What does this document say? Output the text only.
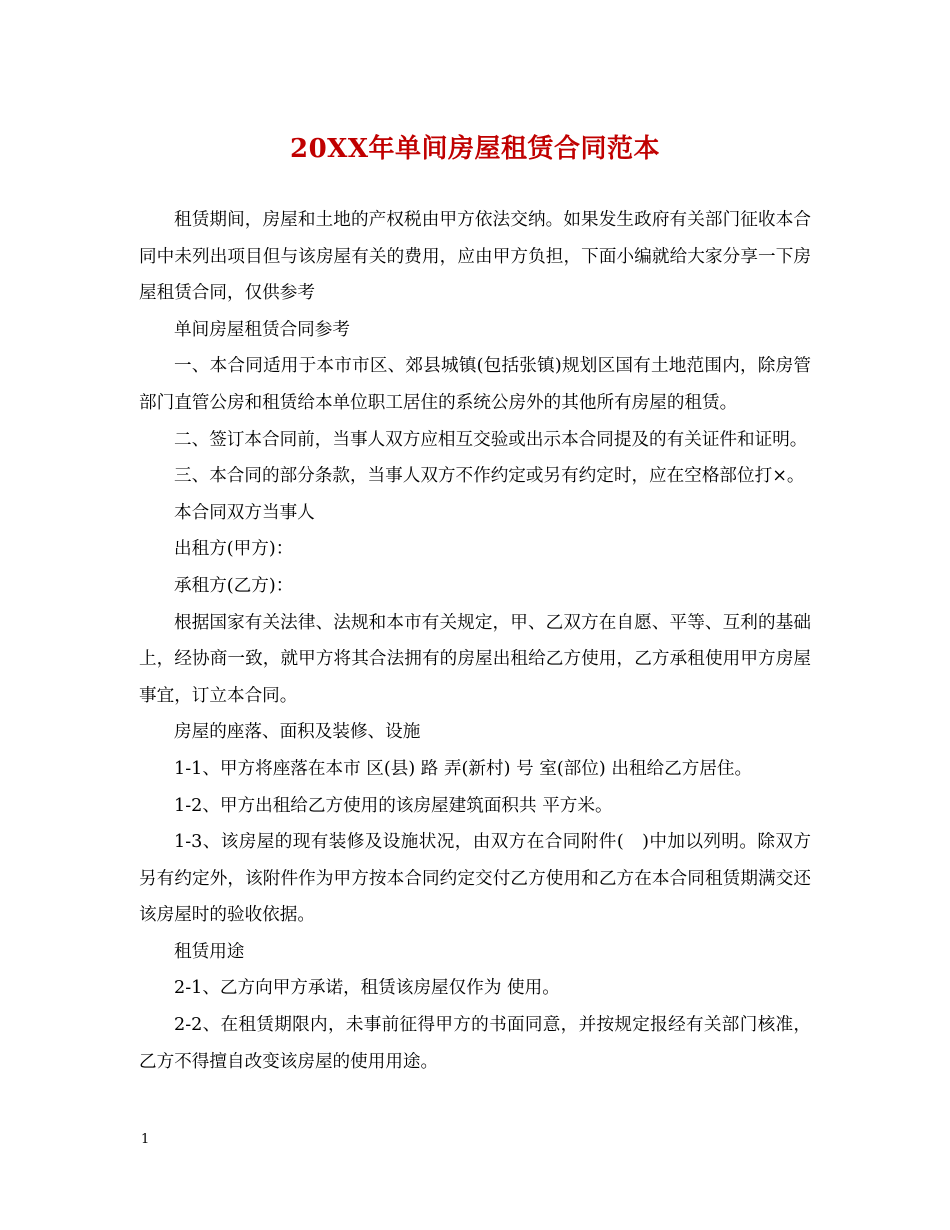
20XX年单间房屋租赁合同范本

租赁期间，房屋和土地的产权税由甲方依法交纳。如果发生政府有关部门征收本合同中未列出项目但与该房屋有关的费用，应由甲方负担，下面小编就给大家分享一下房屋租赁合同，仅供参考

单间房屋租赁合同参考

一、本合同适用于本市市区、郊县城镇(包括张镇)规划区国有土地范围内，除房管部门直管公房和租赁给本单位职工居住的系统公房外的其他所有房屋的租赁。

二、签订本合同前，当事人双方应相互交验或出示本合同提及的有关证件和证明。

三、本合同的部分条款，当事人双方不作约定或另有约定时，应在空格部位打×。

本合同双方当事人

出租方(甲方)：

承租方(乙方)：

根据国家有关法律、法规和本市有关规定，甲、乙双方在自愿、平等、互利的基础上，经协商一致，就甲方将其合法拥有的房屋出租给乙方使用，乙方承租使用甲方房屋事宜，订立本合同。

房屋的座落、面积及装修、设施

1-1、甲方将座落在本市 区(县) 路 弄(新村) 号 室(部位) 出租给乙方居住。

1-2、甲方出租给乙方使用的该房屋建筑面积共 平方米。

1-3、该房屋的现有装修及设施状况，由双方在合同附件(　)中加以列明。除双方另有约定外，该附件作为甲方按本合同约定交付乙方使用和乙方在本合同租赁期满交还该房屋时的验收依据。

租赁用途

2-1、乙方向甲方承诺，租赁该房屋仅作为 使用。

2-2、在租赁期限内，未事前征得甲方的书面同意，并按规定报经有关部门核准，乙方不得擅自改变该房屋的使用用途。

1
